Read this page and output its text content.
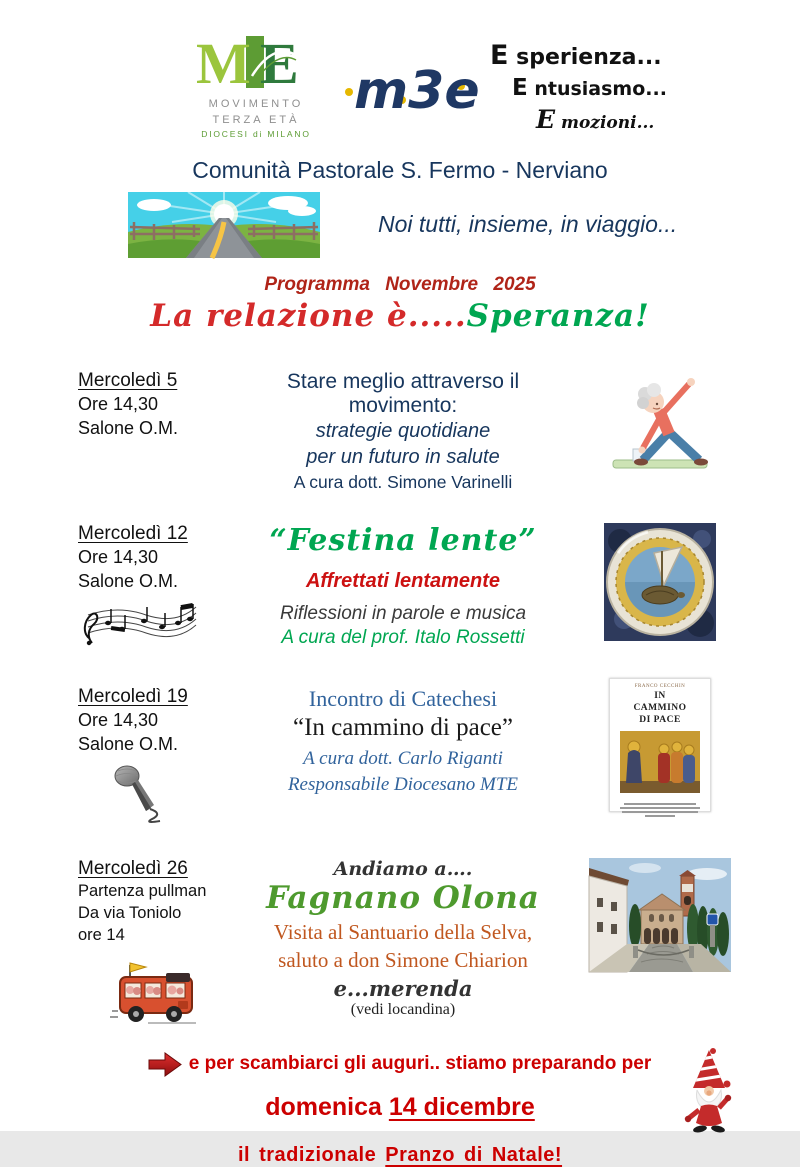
M E
MOVIMENTO
TERZA ETÀ
DIOCESI di MILANO
m3e
E sperienza...
E ntusiasmo...
E mozioni...
Comunità Pastorale S. Fermo - Nerviano
Noi tutti, insieme, in viaggio...
Programma Novembre 2025
La relazione è.....Speranza!
Mercoledì 5
Ore 14,30
Salone O.M.
Stare meglio attraverso il movimento:
strategie quotidiane
per un futuro in salute
A cura dott. Simone Varinelli
Mercoledì 12
Ore 14,30
Salone O.M.
“Festina lente”
Affrettati lentamente
Riflessioni in parole e musica
A cura del prof. Italo Rossetti
Mercoledì 19
Ore 14,30
Salone O.M.
Incontro di Catechesi
“In cammino di pace”
A cura dott. Carlo Riganti
Responsabile Diocesano MTE
FRANCO CECCHIN
IN
CAMMINO
DI PACE
Mercoledì 26
Partenza pullman
Da via Toniolo
ore 14
Andiamo a….
Fagnano Olona
Visita al Santuario della Selva,
saluto a don Simone Chiarion
e...merenda
(vedi locandina)
e per scambiarci gli auguri.. stiamo preparando per
domenica 14 dicembre
il tradizionale Pranzo di Natale!
